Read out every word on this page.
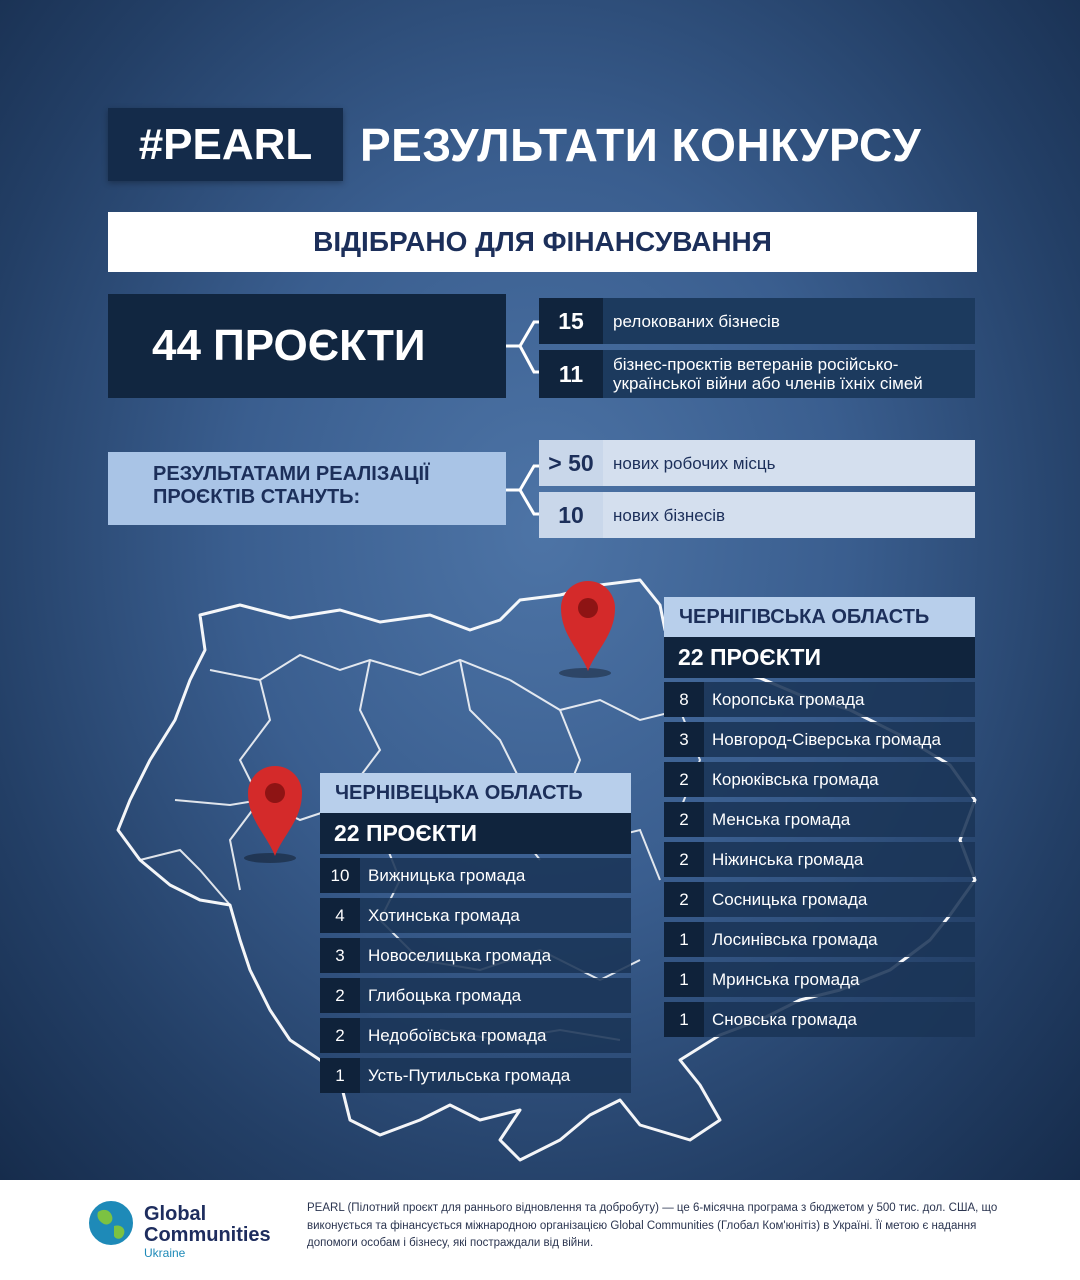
#PEARL	РЕЗУЛЬТАТИ КОНКУРСУ
ВІДІБРАНО ДЛЯ ФІНАНСУВАННЯ
44 ПРОЄКТИ
15	релокованих бізнесів
11	бізнес-проєктів ветеранів російсько-української війни або членів їхніх сімей
РЕЗУЛЬТАТАМИ РЕАЛІЗАЦІЇ ПРОЄКТІВ СТАНУТЬ:
> 50	нових робочих місць
10	нових бізнесів
ЧЕРНІГІВСЬКА ОБЛАСТЬ
22 ПРОЄКТИ
8	Коропська громада
3	Новгород-Сіверська громада
2	Корюківська громада
2	Менська громада
2	Ніжинська громада
2	Сосницька громада
1	Лосинівська громада
1	Мринська громада
1	Сновська громада
ЧЕРНІВЕЦЬКА ОБЛАСТЬ
22 ПРОЄКТИ
10	Вижницька громада
4	Хотинська громада
3	Новоселицька громада
2	Глибоцька громада
2	Недобоївська громада
1	Усть-Путильська громада
Global
Communities
Ukraine
PEARL (Пілотний проєкт для раннього відновлення та добробуту) — це 6-місячна програма з бюджетом у 500 тис. дол. США, що виконується та фінансується міжнародною організацією Global Communities (Глобал Ком'юнітіз) в Україні. Її метою є надання допомоги особам і бізнесу, які постраждали від війни.
